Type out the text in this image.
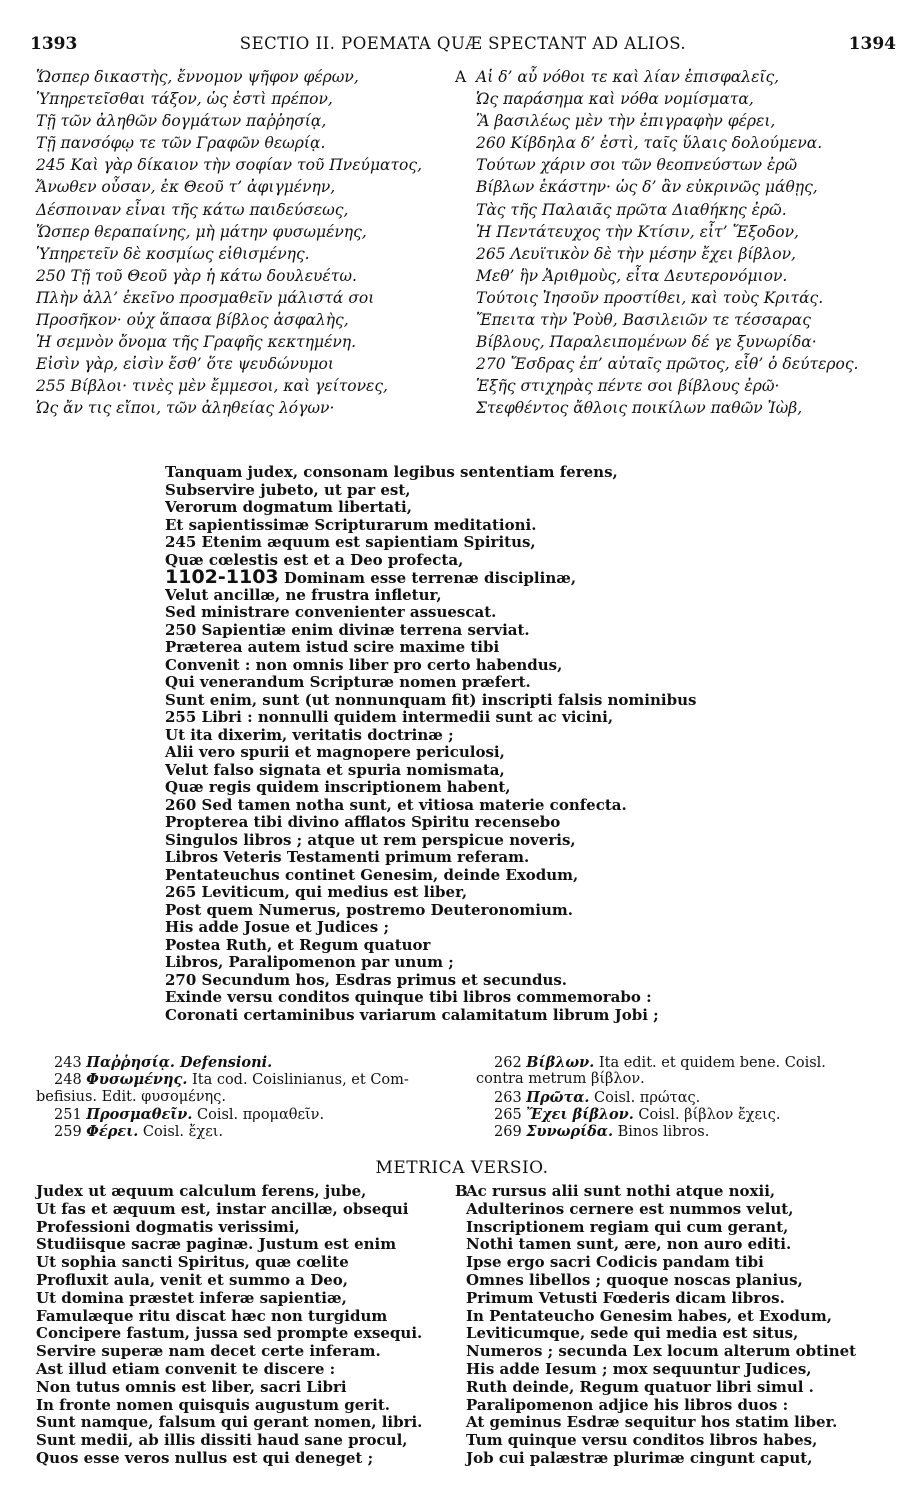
1393	SECTIO II. POEMATA QUÆ SPECTANT AD ALIOS.	1394
Ὥσπερ δικαστὴς, ἔννομον ψῆφον φέρων,
Ὑπηρετεῖσθαι τάξον, ὡς ἐστὶ πρέπον,
Τῇ τῶν ἀληθῶν δογμάτων παῤῥησίᾳ,
Τῇ πανσόφῳ τε τῶν Γραφῶν θεωρίᾳ.
245 Καὶ γὰρ δίκαιον τὴν σοφίαν τοῦ Πνεύματος,
Ἄνωθεν οὖσαν, ἐκ Θεοῦ τ’ ἀφιγμένην,
Δέσποιναν εἶναι τῆς κάτω παιδεύσεως,
Ὥσπερ θεραπαίνης, μὴ μάτην φυσωμένης,
Ὑπηρετεῖν δὲ κοσμίως εἰθισμένης.
250 Τῇ τοῦ Θεοῦ γὰρ ἡ κάτω δουλευέτω.
Πλὴν ἀλλ’ ἐκεῖνο προσμαθεῖν μάλιστά σοι
Προσῆκον· οὐχ ἅπασα βίβλος ἀσφαλὴς,
Ἡ σεμνὸν ὄνομα τῆς Γραφῆς κεκτημένη.
Εἰσὶν γὰρ, εἰσὶν ἔσθ’ ὅτε ψευδώνυμοι
255 Βίβλοι· τινὲς μὲν ἔμμεσοι, καὶ γείτονες,
Ὡς ἄν τις εἴποι, τῶν ἀληθείας λόγων·
A Αἱ δ’ αὖ νόθοι τε καὶ λίαν ἐπισφαλεῖς,
Ὡς παράσημα καὶ νόθα νομίσματα,
Ἃ βασιλέως μὲν τὴν ἐπιγραφὴν φέρει,
260 Κίβδηλα δ’ ἐστὶ, ταῖς ὕλαις δολούμενα.
Τούτων χάριν σοι τῶν θεοπνεύστων ἐρῶ
Βίβλων ἑκάστην· ὡς δ’ ἂν εὐκρινῶς μάθῃς,
Τὰς τῆς Παλαιᾶς πρῶτα Διαθήκης ἐρῶ.
Ἡ Πεντάτευχος τὴν Κτίσιν, εἶτ’ Ἔξοδον,
265 Λευϊτικὸν δὲ τὴν μέσην ἔχει βίβλον,
Μεθ’ ἣν Ἀριθμοὺς, εἶτα Δευτερονόμιον.
Τούτοις Ἰησοῦν προστίθει, καὶ τοὺς Κριτάς.
Ἔπειτα τὴν Ῥοὺθ, Βασιλειῶν τε τέσσαρας
Βίβλους, Παραλειπομένων δέ γε ξυνωρίδα·
270 Ἔσδρας ἐπ’ αὐταῖς πρῶτος, εἶθ’ ὁ δεύτερος.
Ἑξῆς στιχηρὰς πέντε σοι βίβλους ἐρῶ·
Στεφθέντος ἄθλοις ποικίλων παθῶν Ἰὼβ,
Tanquam judex, consonam legibus sententiam ferens,
Subservire jubeto, ut par est,
Verorum dogmatum libertati,
Et sapientissimæ Scripturarum meditationi.
245 Etenim æquum est sapientiam Spiritus,
Quæ cœlestis est et a Deo profecta,
1102-1103 Dominam esse terrenæ disciplinæ,
Velut ancillæ, ne frustra infletur,
Sed ministrare convenienter assuescat.
250 Sapientiæ enim divinæ terrena serviat.
Præterea autem istud scire maxime tibi
Convenit : non omnis liber pro certo habendus,
Qui venerandum Scripturæ nomen præfert.
Sunt enim, sunt (ut nonnunquam fit) inscripti falsis nominibus
255 Libri : nonnulli quidem intermedii sunt ac vicini,
Ut ita dixerim, veritatis doctrinæ ;
Alii vero spurii et magnopere periculosi,
Velut falso signata et spuria nomismata,
Quæ regis quidem inscriptionem habent,
260 Sed tamen notha sunt, et vitiosa materie confecta.
Propterea tibi divino afflatos Spiritu recensebo
Singulos libros ; atque ut rem perspicue noveris,
Libros Veteris Testamenti primum referam.
Pentateuchus continet Genesim, deinde Exodum,
265 Leviticum, qui medius est liber,
Post quem Numerus, postremo Deuteronomium.
His adde Josue et Judices ;
Postea Ruth, et Regum quatuor
Libros, Paralipomenon par unum ;
270 Secundum hos, Esdras primus et secundus.
Exinde versu conditos quinque tibi libros commemorabo :
Coronati certaminibus variarum calamitatum librum Jobi ;
243 Παῤῥησίᾳ. Defensioni.
248 Φυσωμένης. Ita cod. Coislinianus, et Com-
befisius. Edit. φυσομένης.
251 Προσμαθεῖν. Coisl. προμαθεῖν.
259 Φέρει. Coisl. ἔχει.
262 Βίβλων. Ita edit. et quidem bene. Coisl.
contra metrum βίβλον.
263 Πρῶτα. Coisl. πρώτας.
265 Ἔχει βίβλον. Coisl. βίβλον ἔχεις.
269 Συνωρίδα. Binos libros.
METRICA VERSIO.
Judex ut æquum calculum ferens, jube,
Ut fas et æquum est, instar ancillæ, obsequi
Professioni dogmatis verissimi,
Studiisque sacræ paginæ. Justum est enim
Ut sophia sancti Spiritus, quæ cœlite
Profluxit aula, venit et summo a Deo,
Ut domina præstet inferæ sapientiæ,
Famulæque ritu discat hæc non turgidum
Concipere fastum, jussa sed prompte exsequi.
Servire superæ nam decet certe inferam.
Ast illud etiam convenit te discere :
Non tutus omnis est liber, sacri Libri
In fronte nomen quisquis augustum gerit.
Sunt namque, falsum qui gerant nomen, libri.
Sunt medii, ab illis dissiti haud sane procul,
Quos esse veros nullus est qui deneget ;
B
Ac rursus alii sunt nothi atque noxii,
Adulterinos cernere est nummos velut,
Inscriptionem regiam qui cum gerant,
Nothi tamen sunt, ære, non auro editi.
Ipse ergo sacri Codicis pandam tibi
Omnes libellos ; quoque noscas planius,
Primum Vetusti Fœderis dicam libros.
In Pentateucho Genesim habes, et Exodum,
Leviticumque, sede qui media est situs,
Numeros ; secunda Lex locum alterum obtinet
His adde Iesum ; mox sequuntur Judices,
Ruth deinde, Regum quatuor libri simul .
Paralipomenon adjice his libros duos :
At geminus Esdræ sequitur hos statim liber.
Tum quinque versu conditos libros habes,
Job cui palæstræ plurimæ cingunt caput,
